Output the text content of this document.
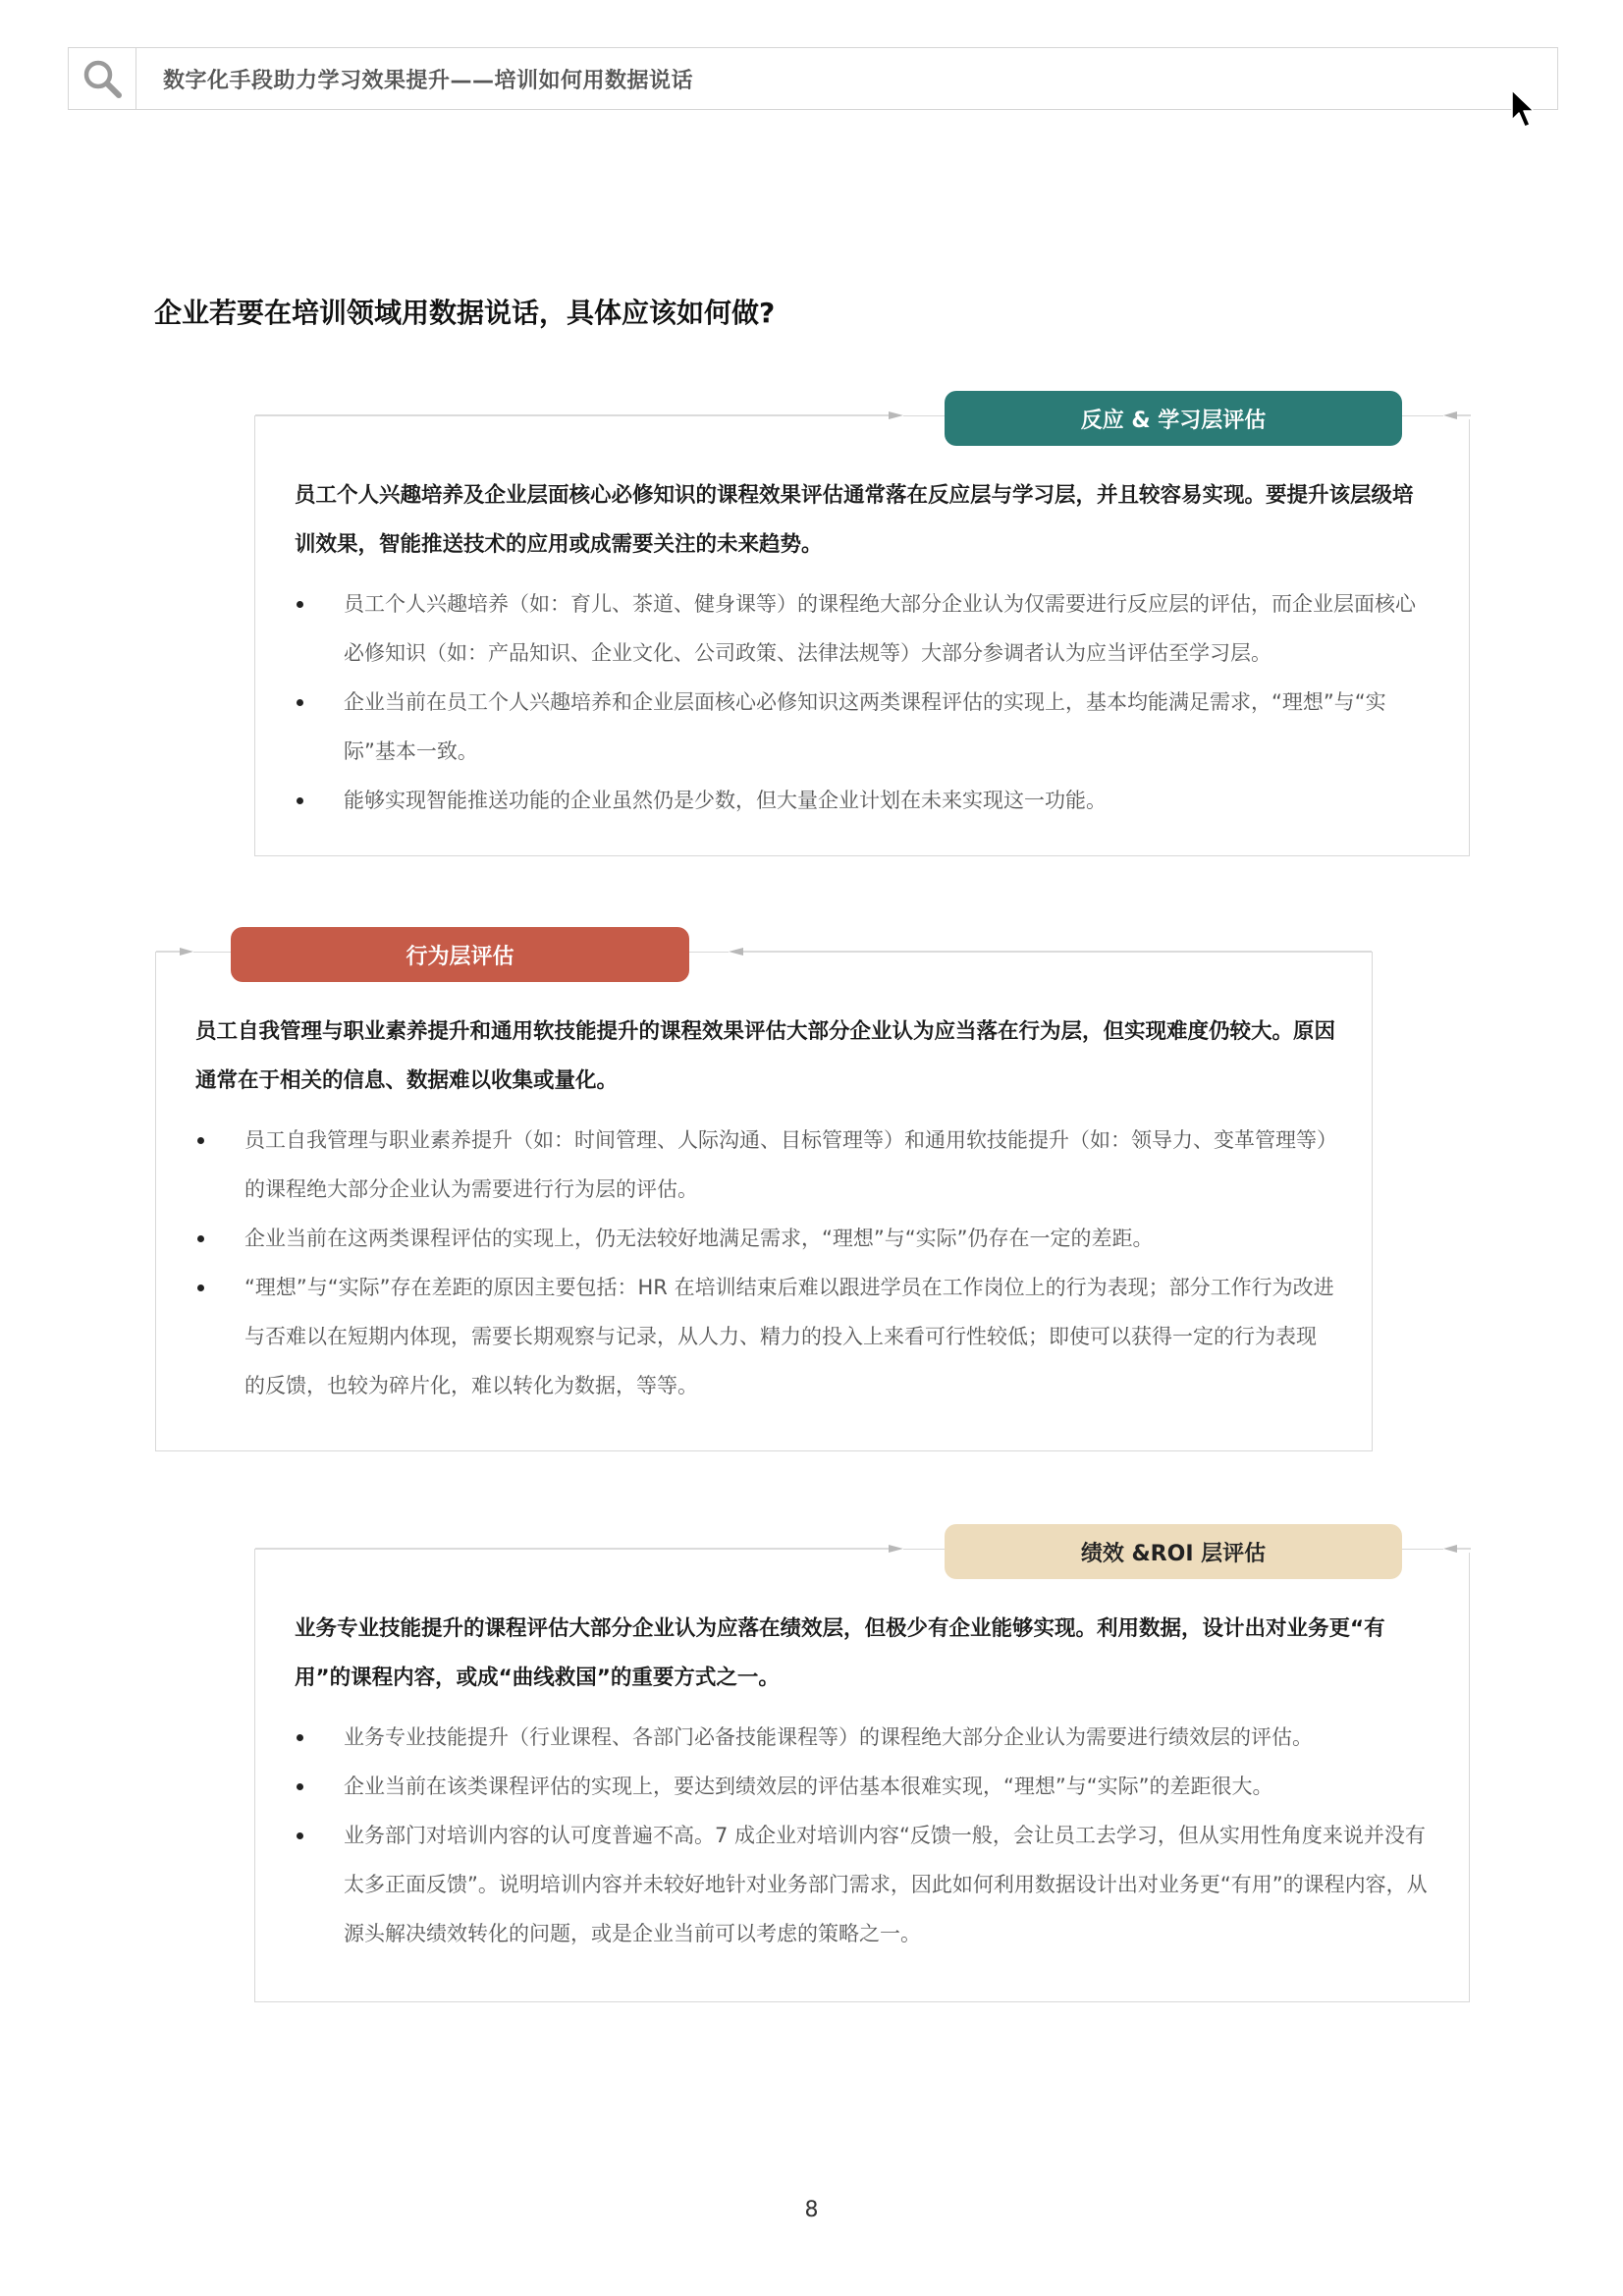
数字化手段助力学习效果提升——培训如何用数据说话
企业若要在培训领域用数据说话，具体应该如何做?

员工个人兴趣培养及企业层面核心必修知识的课程效果评估通常落在反应层与学习层，并且较容易实现。要提升该层级培训效果，智能推送技术的应用或成需要关注的未来趋势。

员工个人兴趣培养（如：育儿、茶道、健身课等）的课程绝大部分企业认为仅需要进行反应层的评估，而企业层面核心必修知识（如：产品知识、企业文化、公司政策、法律法规等）大部分参调者认为应当评估至学习层。
企业当前在员工个人兴趣培养和企业层面核心必修知识这两类课程评估的实现上，基本均能满足需求，“理想”与“实际”基本一致。
能够实现智能推送功能的企业虽然仍是少数，但大量企业计划在未来实现这一功能。
反应 & 学习层评估

员工自我管理与职业素养提升和通用软技能提升的课程效果评估大部分企业认为应当落在行为层，但实现难度仍较大。原因通常在于相关的信息、数据难以收集或量化。

员工自我管理与职业素养提升（如：时间管理、人际沟通、目标管理等）和通用软技能提升（如：领导力、变革管理等）的课程绝大部分企业认为需要进行行为层的评估。
企业当前在这两类课程评估的实现上，仍无法较好地满足需求，“理想”与“实际”仍存在一定的差距。
“理想”与“实际”存在差距的原因主要包括：HR 在培训结束后难以跟进学员在工作岗位上的行为表现；部分工作行为改进与否难以在短期内体现，需要长期观察与记录，从人力、精力的投入上来看可行性较低；即使可以获得一定的行为表现的反馈，也较为碎片化，难以转化为数据，等等。
行为层评估

业务专业技能提升的课程评估大部分企业认为应落在绩效层，但极少有企业能够实现。利用数据，设计出对业务更“有用”的课程内容，或成“曲线救国”的重要方式之一。

业务专业技能提升（行业课程、各部门必备技能课程等）的课程绝大部分企业认为需要进行绩效层的评估。
企业当前在该类课程评估的实现上，要达到绩效层的评估基本很难实现，“理想”与“实际”的差距很大。
业务部门对培训内容的认可度普遍不高。7 成企业对培训内容“反馈一般，会让员工去学习，但从实用性角度来说并没有太多正面反馈”。说明培训内容并未较好地针对业务部门需求，因此如何利用数据设计出对业务更“有用”的课程内容，从源头解决绩效转化的问题，或是企业当前可以考虑的策略之一。
绩效 &ROI 层评估
8
